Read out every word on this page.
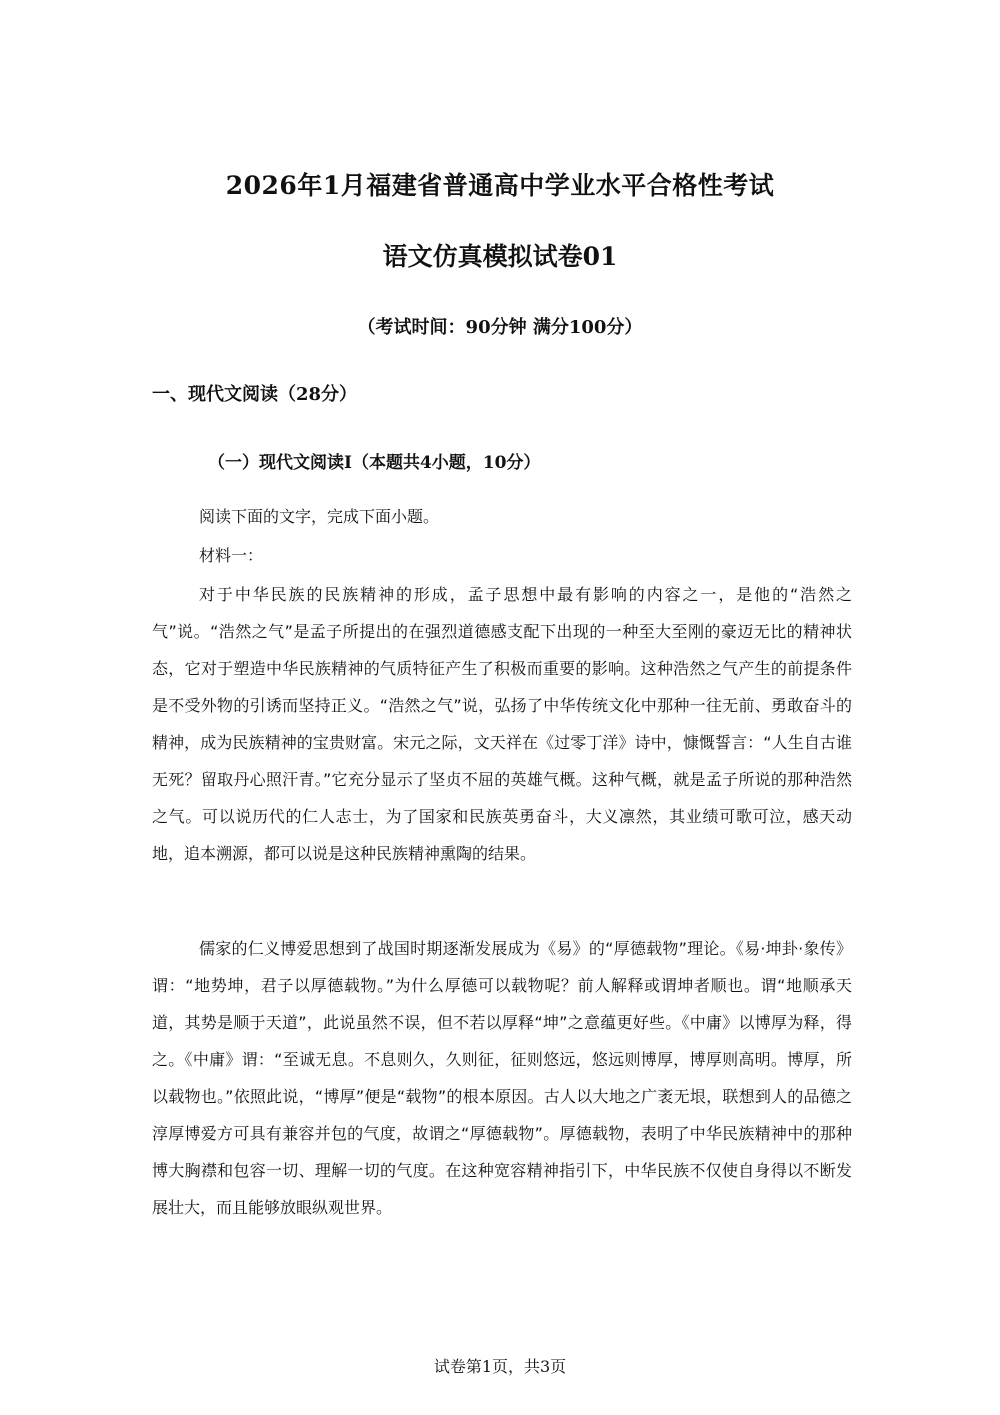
2026年1月福建省普通高中学业水平合格性考试
语文仿真模拟试卷01
（考试时间：90分钟 满分100分）
一、现代文阅读（28分）
（一）现代文阅读Ⅰ（本题共4小题，10分）
阅读下面的文字，完成下面小题。
材料一：

对于中华民族的民族精神的形成，孟子思想中最有影响的内容之一，是他的“浩然之气”说。“浩然之气”是孟子所提出的在强烈道德感支配下出现的一种至大至刚的豪迈无比的精神状态，它对于塑造中华民族精神的气质特征产生了积极而重要的影响。这种浩然之气产生的前提条件是不受外物的引诱而坚持正义。“浩然之气”说，弘扬了中华传统文化中那种一往无前、勇敢奋斗的精神，成为民族精神的宝贵财富。宋元之际，文天祥在《过零丁洋》诗中，慷慨誓言：“人生自古谁无死？留取丹心照汗青。”它充分显示了坚贞不屈的英雄气概。这种气概，就是孟子所说的那种浩然之气。可以说历代的仁人志士，为了国家和民族英勇奋斗，大义凛然，其业绩可歌可泣，感天动地，追本溯源，都可以说是这种民族精神熏陶的结果。

儒家的仁义博爱思想到了战国时期逐渐发展成为《易》的“厚德载物”理论。《易·坤卦·象传》谓：“地势坤，君子以厚德载物。”为什么厚德可以载物呢？前人解释或谓坤者顺也。谓“地顺承天道，其势是顺于天道”，此说虽然不误，但不若以厚释“坤”之意蕴更好些。《中庸》以博厚为释，得之。《中庸》谓：“至诚无息。不息则久，久则征，征则悠远，悠远则博厚，博厚则高明。博厚，所以载物也。”依照此说，“博厚”便是“载物”的根本原因。古人以大地之广袤无垠，联想到人的品德之淳厚博爱方可具有兼容并包的气度，故谓之“厚德载物”。厚德载物，表明了中华民族精神中的那种博大胸襟和包容一切、理解一切的气度。在这种宽容精神指引下，中华民族不仅使自身得以不断发展壮大，而且能够放眼纵观世界。

试卷第1页，共3页
